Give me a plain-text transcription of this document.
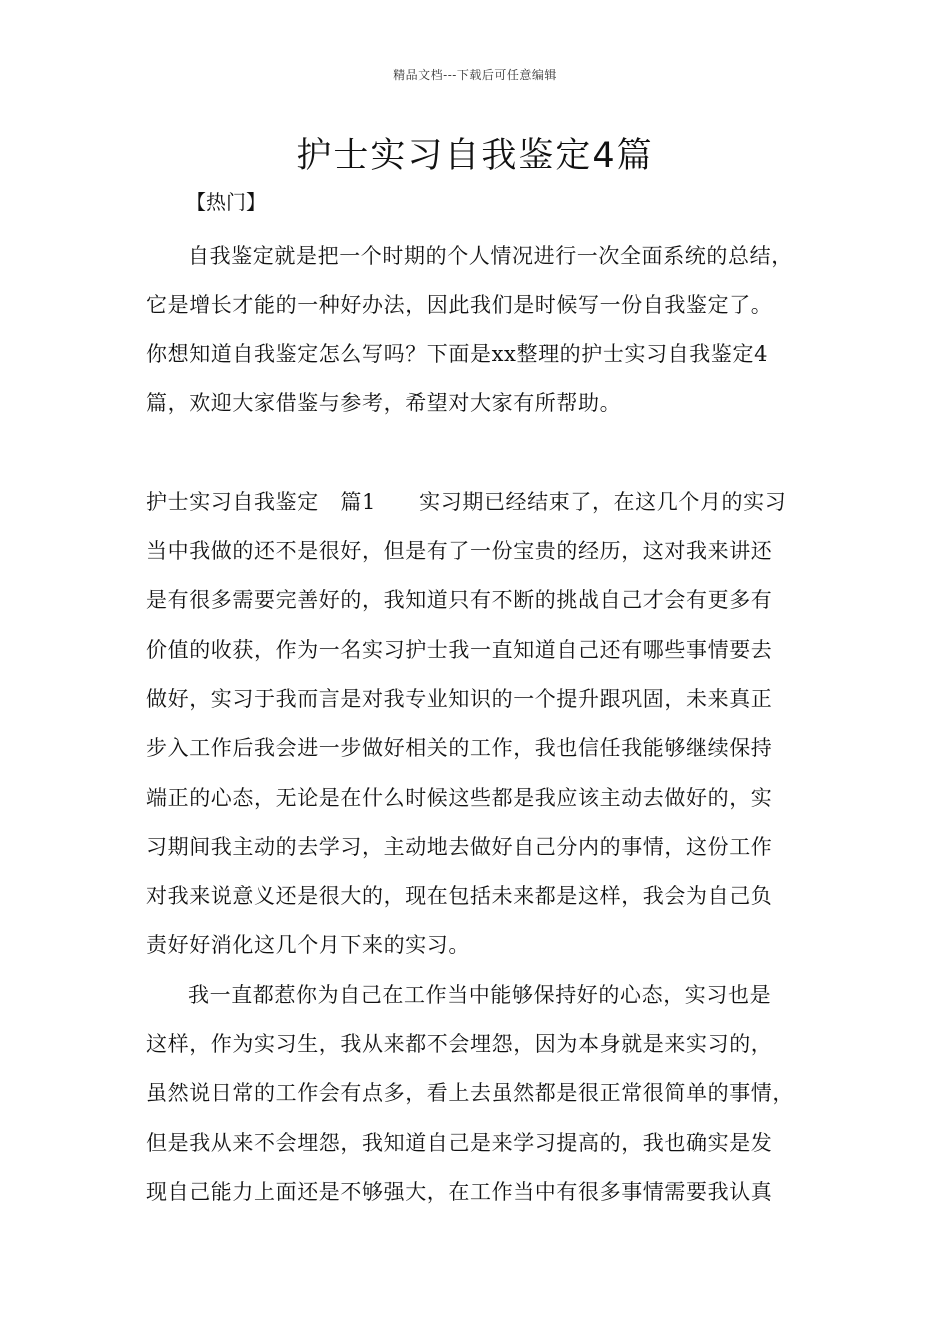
精品文档---下载后可任意编辑
护士实习自我鉴定4篇
【热门】
自我鉴定就是把一个时期的个人情况进行一次全面系统的总结，
它是增长才能的一种好办法，因此我们是时候写一份自我鉴定了。
你想知道自我鉴定怎么写吗？下面是xx整理的护士实习自我鉴定4
篇，欢迎大家借鉴与参考，希望对大家有所帮助。
护士实习自我鉴定　篇1　　实习期已经结束了，在这几个月的实习
当中我做的还不是很好，但是有了一份宝贵的经历，这对我来讲还
是有很多需要完善好的，我知道只有不断的挑战自己才会有更多有
价值的收获，作为一名实习护士我一直知道自己还有哪些事情要去
做好，实习于我而言是对我专业知识的一个提升跟巩固，未来真正
步入工作后我会进一步做好相关的工作，我也信任我能够继续保持
端正的心态，无论是在什么时候这些都是我应该主动去做好的，实
习期间我主动的去学习，主动地去做好自己分内的事情，这份工作
对我来说意义还是很大的，现在包括未来都是这样，我会为自己负
责好好消化这几个月下来的实习。
我一直都惹你为自己在工作当中能够保持好的心态，实习也是
这样，作为实习生，我从来都不会埋怨，因为本身就是来实习的，
虽然说日常的工作会有点多，看上去虽然都是很正常很简单的事情，
但是我从来不会埋怨，我知道自己是来学习提高的，我也确实是发
现自己能力上面还是不够强大，在工作当中有很多事情需要我认真
